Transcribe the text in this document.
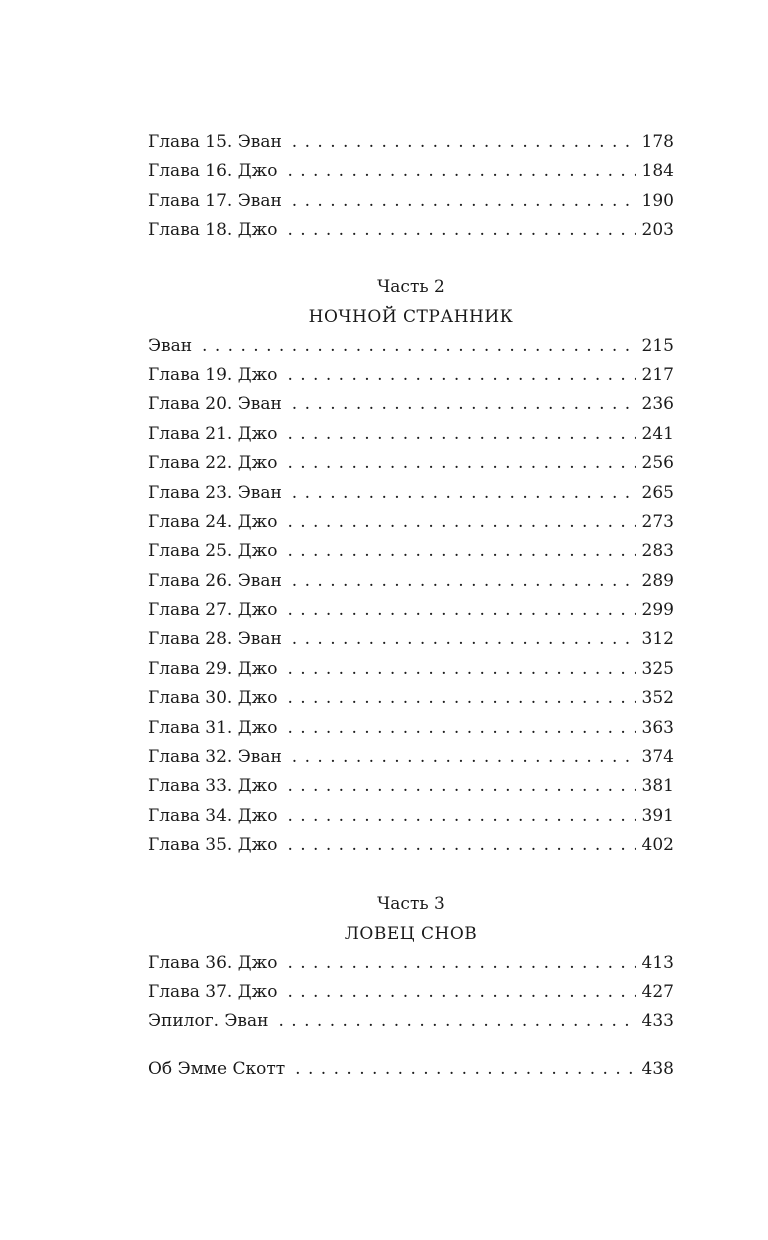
Глава 15. Эван . . .	178
Глава 16. Джо . . .	184
Глава 17. Эван . . .	190
Глава 18. Джо . . .	203
Часть 2
НОЧНОЙ СТРАННИК
Эван . . .	215
Глава 19. Джо . . .	217
Глава 20. Эван . . .	236
Глава 21. Джо . . .	241
Глава 22. Джо . . .	256
Глава 23. Эван . . .	265
Глава 24. Джо . . .	273
Глава 25. Джо . . .	283
Глава 26. Эван . . .	289
Глава 27. Джо . . .	299
Глава 28. Эван . . .	312
Глава 29. Джо . . .	325
Глава 30. Джо . . .	352
Глава 31. Джо . . .	363
Глава 32. Эван . . .	374
Глава 33. Джо . . .	381
Глава 34. Джо . . .	391
Глава 35. Джо . . .	402
Часть 3
ЛОВЕЦ СНОВ
Глава 36. Джо . . .	413
Глава 37. Джо . . .	427
Эпилог. Эван . . .	433
Об Эмме Скотт . . .	438
